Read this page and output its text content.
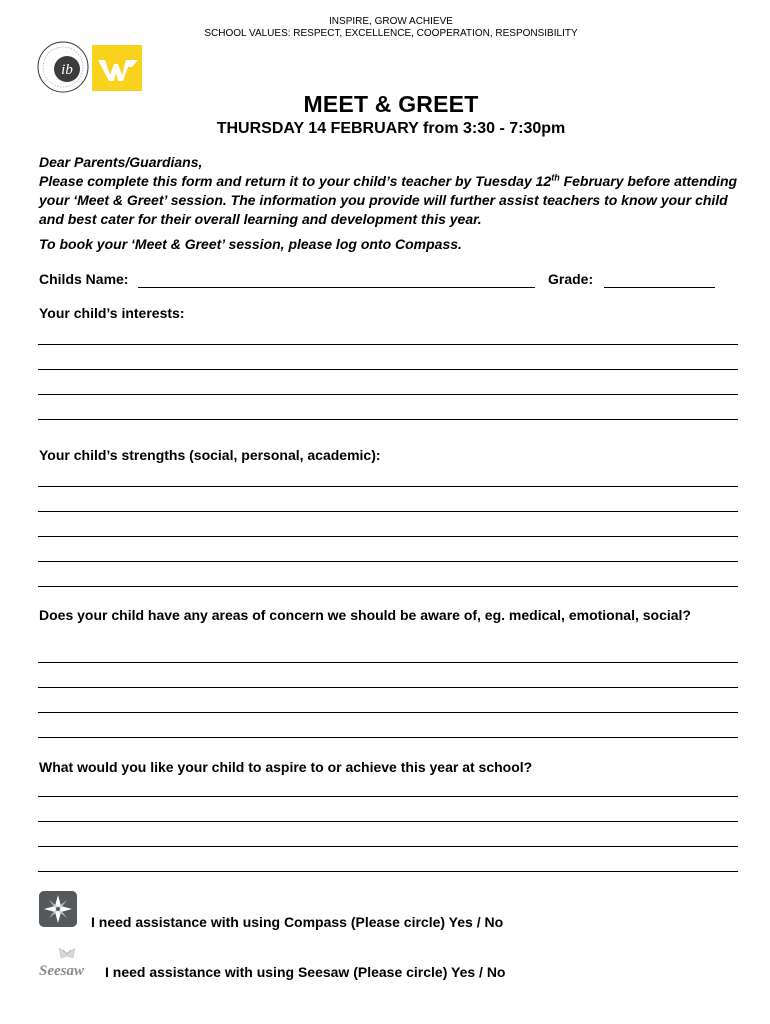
INSPIRE, GROW ACHIEVE
SCHOOL VALUES: RESPECT, EXCELLENCE, COOPERATION, RESPONSIBILITY
ib
MEET & GREET
THURSDAY 14 FEBRUARY from 3:30 - 7:30pm
Dear Parents/Guardians,
Please complete this form and return it to your child’s teacher by Tuesday 12th February before attending your ‘Meet & Greet’ session. The information you provide will further assist teachers to know your child and best cater for their overall learning and development this year.
To book your ‘Meet & Greet’ session, please log onto Compass.
Childs Name:	Grade:
Your child’s interests:
Your child’s strengths (social, personal, academic):
Does your child have any areas of concern we should be aware of, eg. medical, emotional, social?
What would you like your child to aspire to or achieve this year at school?
I need assistance with using Compass (Please circle) Yes / No
Seesaw I need assistance with using Seesaw (Please circle) Yes / No
